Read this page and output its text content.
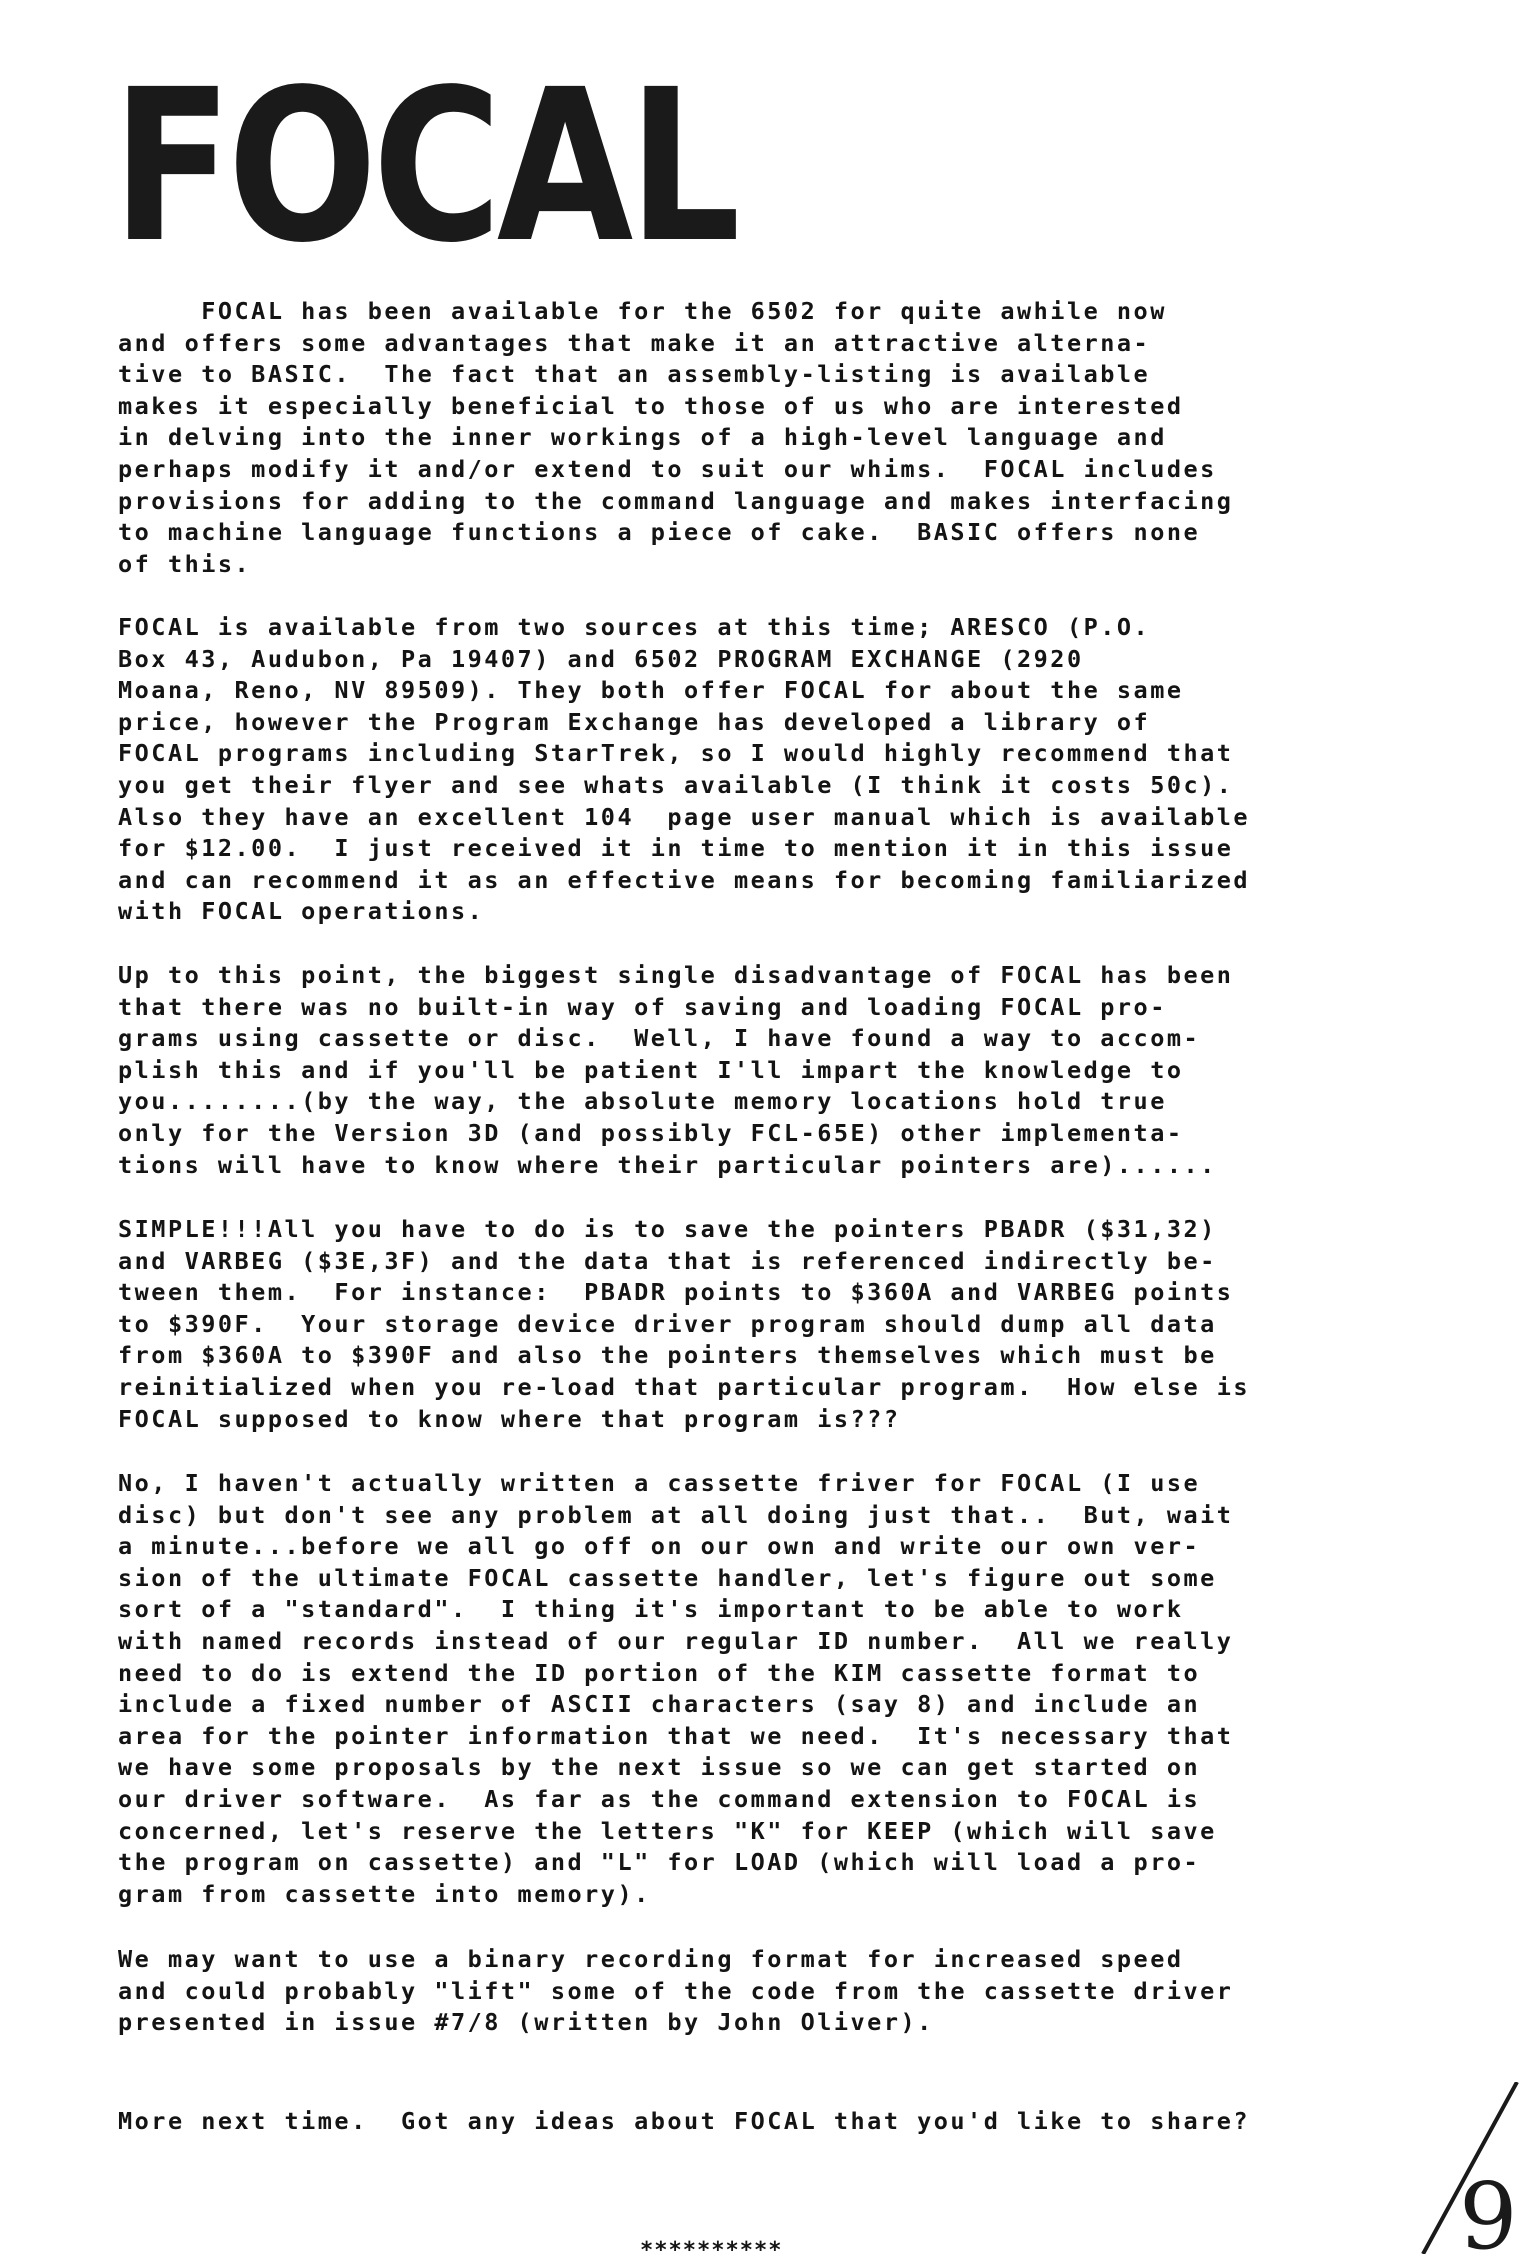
FOCAL
FOCAL has been available for the 6502 for quite awhile now
and offers some advantages that make it an attractive alterna-
tive to BASIC.  The fact that an assembly-listing is available
makes it especially beneficial to those of us who are interested
in delving into the inner workings of a high-level language and
perhaps modify it and/or extend to suit our whims.  FOCAL includes
provisions for adding to the command language and makes interfacing
to machine language functions a piece of cake.  BASIC offers none
of this.
FOCAL is available from two sources at this time; ARESCO (P.O.
Box 43, Audubon, Pa 19407) and 6502 PROGRAM EXCHANGE (2920
Moana, Reno, NV 89509). They both offer FOCAL for about the same
price, however the Program Exchange has developed a library of
FOCAL programs including StarTrek, so I would highly recommend that
you get their flyer and see whats available (I think it costs 50c).
Also they have an excellent 104  page user manual which is available
for $12.00.  I just received it in time to mention it in this issue
and can recommend it as an effective means for becoming familiarized
with FOCAL operations.
Up to this point, the biggest single disadvantage of FOCAL has been
that there was no built-in way of saving and loading FOCAL pro-
grams using cassette or disc.  Well, I have found a way to accom-
plish this and if you'll be patient I'll impart the knowledge to
you........(by the way, the absolute memory locations hold true
only for the Version 3D (and possibly FCL-65E) other implementa-
tions will have to know where their particular pointers are)......
SIMPLE!!!All you have to do is to save the pointers PBADR ($31,32)
and VARBEG ($3E,3F) and the data that is referenced indirectly be-
tween them.  For instance:  PBADR points to $360A and VARBEG points
to $390F.  Your storage device driver program should dump all data
from $360A to $390F and also the pointers themselves which must be
reinitialized when you re-load that particular program.  How else is
FOCAL supposed to know where that program is???
No, I haven't actually written a cassette friver for FOCAL (I use
disc) but don't see any problem at all doing just that..  But, wait
a minute...before we all go off on our own and write our own ver-
sion of the ultimate FOCAL cassette handler, let's figure out some
sort of a "standard".  I thing it's important to be able to work
with named records instead of our regular ID number.  All we really
need to do is extend the ID portion of the KIM cassette format to
include a fixed number of ASCII characters (say 8) and include an
area for the pointer information that we need.  It's necessary that
we have some proposals by the next issue so we can get started on
our driver software.  As far as the command extension to FOCAL is
concerned, let's reserve the letters "K" for KEEP (which will save
the program on cassette) and "L" for LOAD (which will load a pro-
gram from cassette into memory).
We may want to use a binary recording format for increased speed
and could probably "lift" some of the code from the cassette driver
presented in issue #7/8 (written by John Oliver).
More next time.  Got any ideas about FOCAL that you'd like to share?
**********	9
